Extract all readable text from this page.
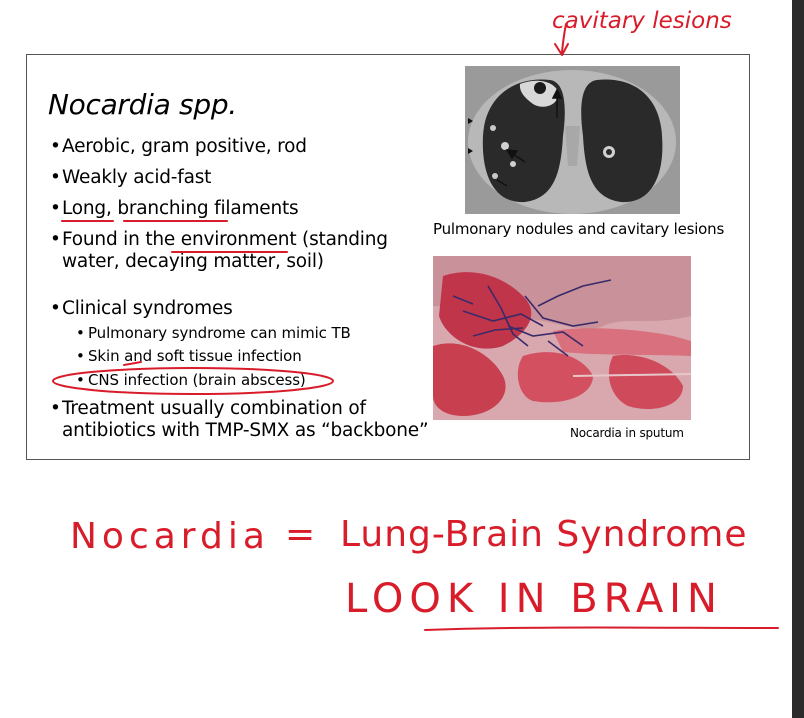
Nocardia spp.
• Aerobic, gram positive, rod
• Weakly acid-fast
• Long, branching filaments
• Found in the environment (standing
water, decaying matter, soil)
• Clinical syndromes
• Pulmonary syndrome can mimic TB
• Skin and soft tissue infection
• CNS infection (brain abscess)
• Treatment usually combination of
antibiotics with TMP-SMX as “backbone”
Pulmonary nodules and cavitary lesions
Nocardia in sputum
cavitary lesions
Nocardia = Lung-Brain Syndrome
LOOK IN BRAIN
